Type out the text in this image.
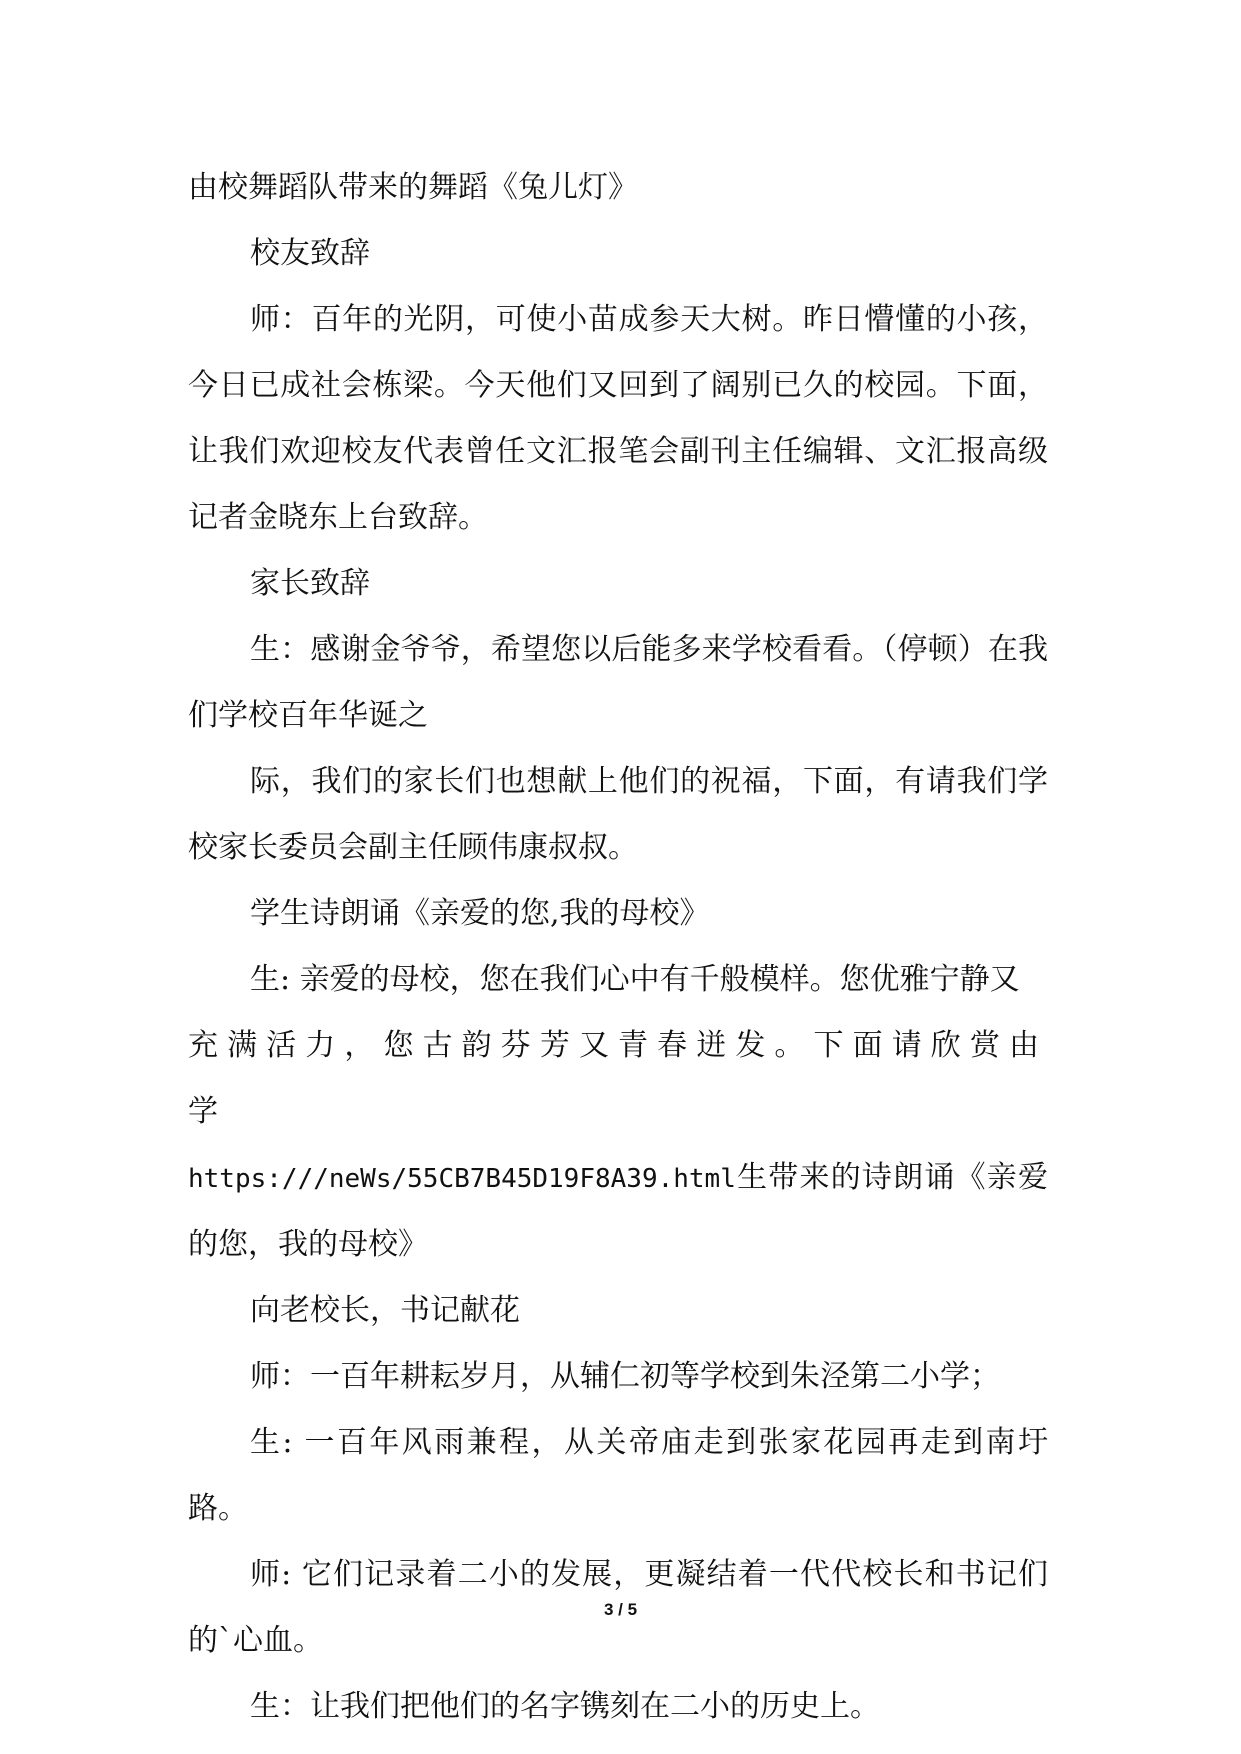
由校舞蹈队带来的舞蹈《兔儿灯》

校友致辞

师：百年的光阴，可使小苗成参天大树。昨日懵懂的小孩，今日已成社会栋梁。今天他们又回到了阔别已久的校园。下面，让我们欢迎校友代表曾任文汇报笔会副刊主任编辑、文汇报高级记者金晓东上台致辞。

家长致辞

生：感谢金爷爷，希望您以后能多来学校看看。（停顿）在我们学校百年华诞之

际，我们的家长们也想献上他们的祝福，下面，有请我们学校家长委员会副主任顾伟康叔叔。

学生诗朗诵《亲爱的您,我的母校》

生: 亲爱的母校，您在我们心中有千般模样。您优雅宁静又

充满活力，您古韵芬芳又青春迸发。下面请欣赏由学

https:///neWs/55CB7B45D19F8A39.html生带来的诗朗诵《亲爱的您，我的母校》

向老校长，书记献花

师：一百年耕耘岁月，从辅仁初等学校到朱泾第二小学；

生: 一百年风雨兼程，从关帝庙走到张家花园再走到南圩路。

师: 它们记录着二小的发展，更凝结着一代代校长和书记们的`心血。

生：让我们把他们的名字镌刻在二小的历史上。

3 / 5
